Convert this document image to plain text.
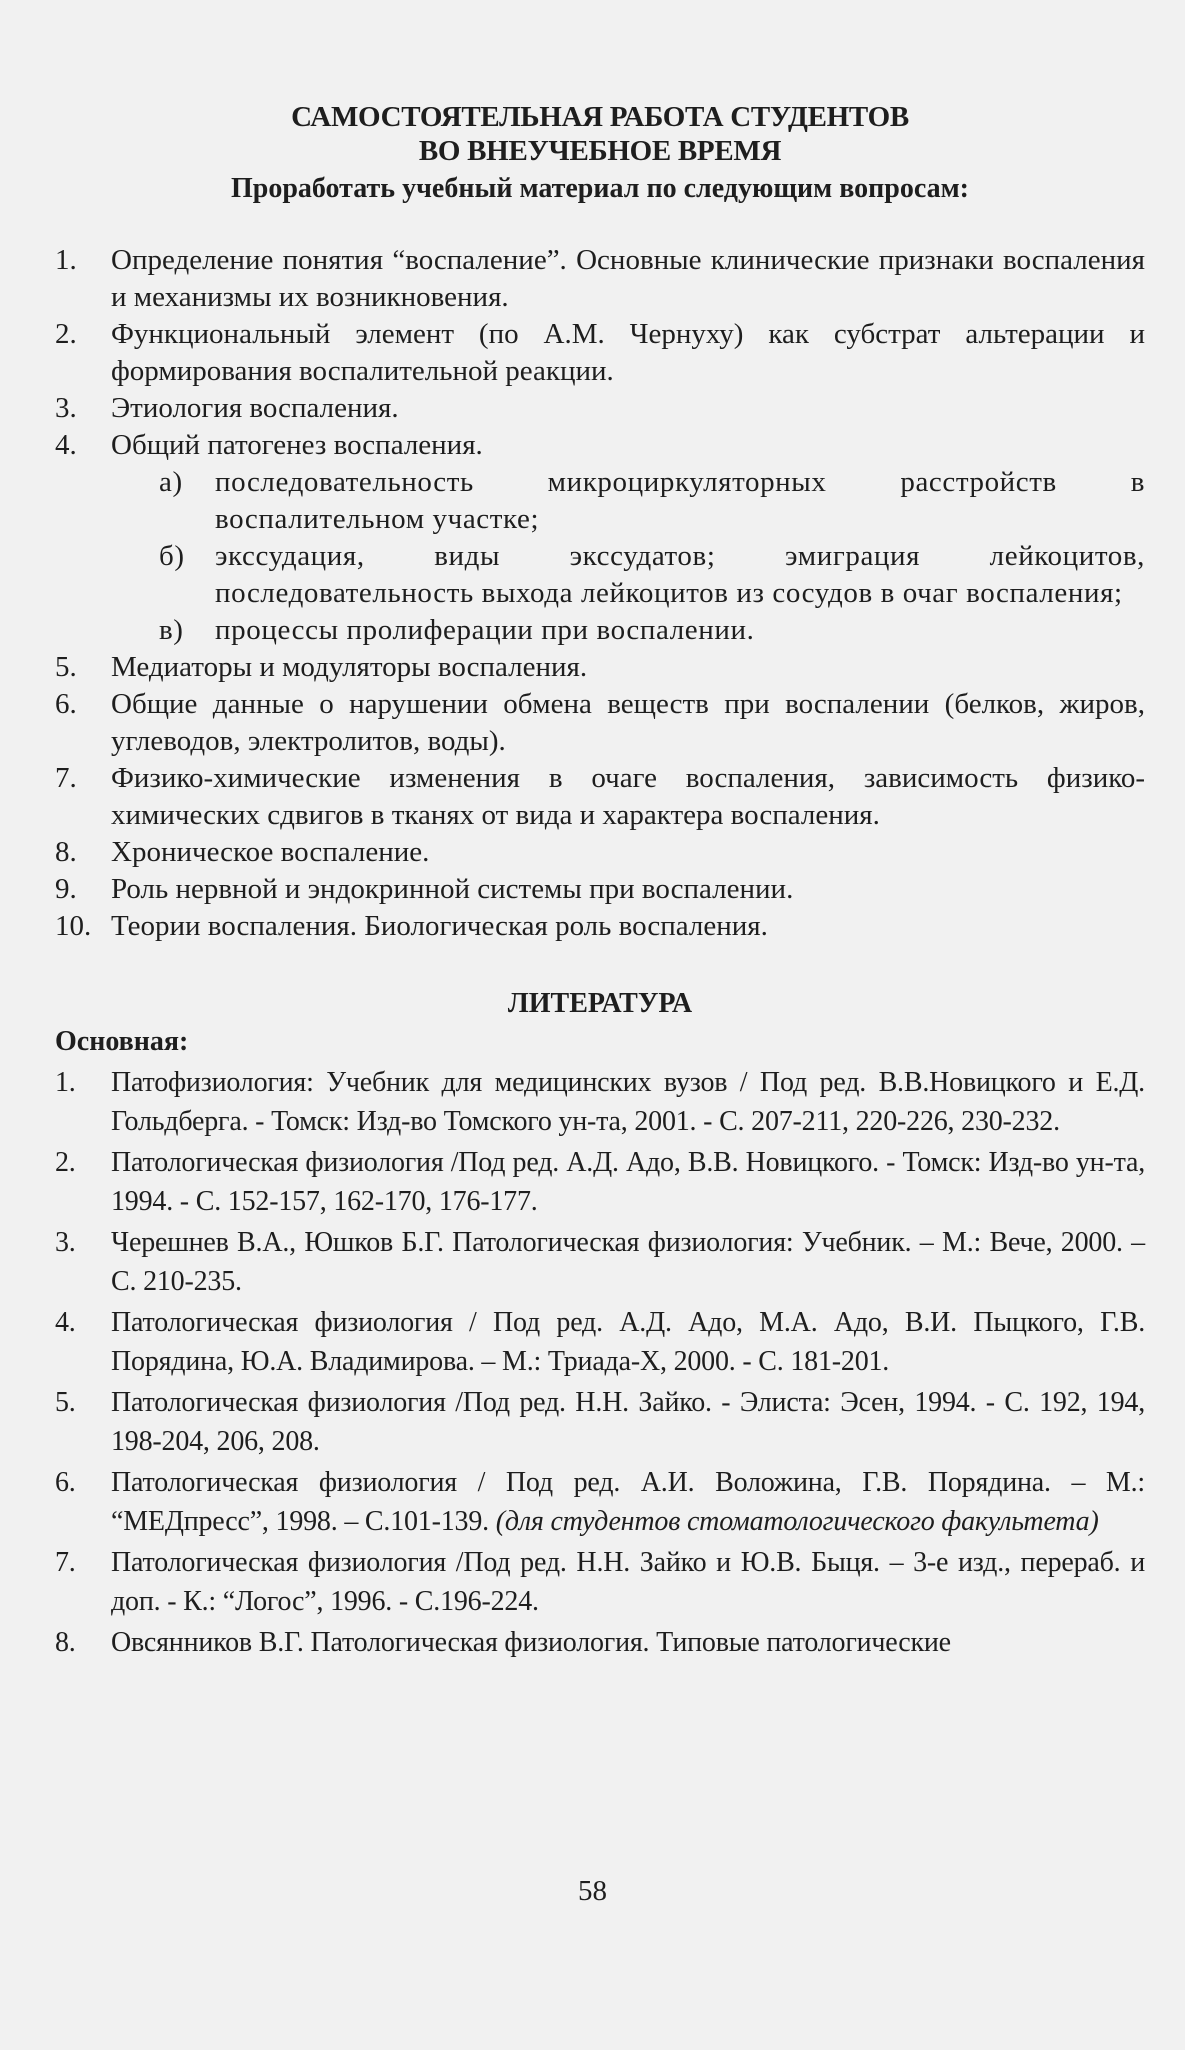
САМОСТОЯТЕЛЬНАЯ РАБОТА СТУДЕНТОВ
ВО ВНЕУЧЕБНОЕ ВРЕМЯ

Проработать учебный материал по следующим вопросам:

1. Определение понятия “воспаление”. Основные клинические признаки воспаления и механизмы их возникновения.
2. Функциональный элемент (по А.М. Чернуху) как субстрат альтерации и формирования воспалительной реакции.
3. Этиология воспаления.
4. Общий патогенез воспаления.
а) последовательность микроциркуляторных расстройств в воспалительном участке;
б) экссудация, виды экссудатов; эмиграция лейкоцитов, последовательность выхода лейкоцитов из сосудов в очаг воспаления;
в) процессы пролиферации при воспалении.
5. Медиаторы и модуляторы воспаления.
6. Общие данные о нарушении обмена веществ при воспалении (белков, жиров, углеводов, электролитов, воды).
7. Физико-химические изменения в очаге воспаления, зависимость физико-химических сдвигов в тканях от вида и характера воспаления.
8. Хроническое воспаление.
9. Роль нервной и эндокринной системы при воспалении.
10. Теории воспаления. Биологическая роль воспаления.

ЛИТЕРАТУРА

Основная:

1. Патофизиология: Учебник для медицинских вузов / Под ред. В.В.Новицкого и Е.Д. Гольдберга. - Томск: Изд-во Томского ун-та, 2001. - С. 207-211, 220-226, 230-232.
2. Патологическая физиология /Под ред. А.Д. Адо, В.В. Новицкого. - Томск: Изд-во ун-та, 1994. - С. 152-157, 162-170, 176-177.
3. Черешнев В.А., Юшков Б.Г. Патологическая физиология: Учебник. – М.: Вече, 2000. – С. 210-235.
4. Патологическая физиология / Под ред. А.Д. Адо, М.А. Адо, В.И. Пыцкого, Г.В. Порядина, Ю.А. Владимирова. – М.: Триада-Х, 2000. - С. 181-201.
5. Патологическая физиология /Под ред. Н.Н. Зайко. - Элиста: Эсен, 1994. - С. 192, 194, 198-204, 206, 208.
6. Патологическая физиология / Под ред. А.И. Воложина, Г.В. Порядина. – М.: “МЕДпресс”, 1998. – С.101-139. (для студентов стоматологического факультета)
7. Патологическая физиология /Под ред. Н.Н. Зайко и Ю.В. Быця. – 3-е изд., перераб. и доп. - К.: “Логос”, 1996. - С.196-224.
8. Овсянников В.Г. Патологическая физиология. Типовые патологические
58
